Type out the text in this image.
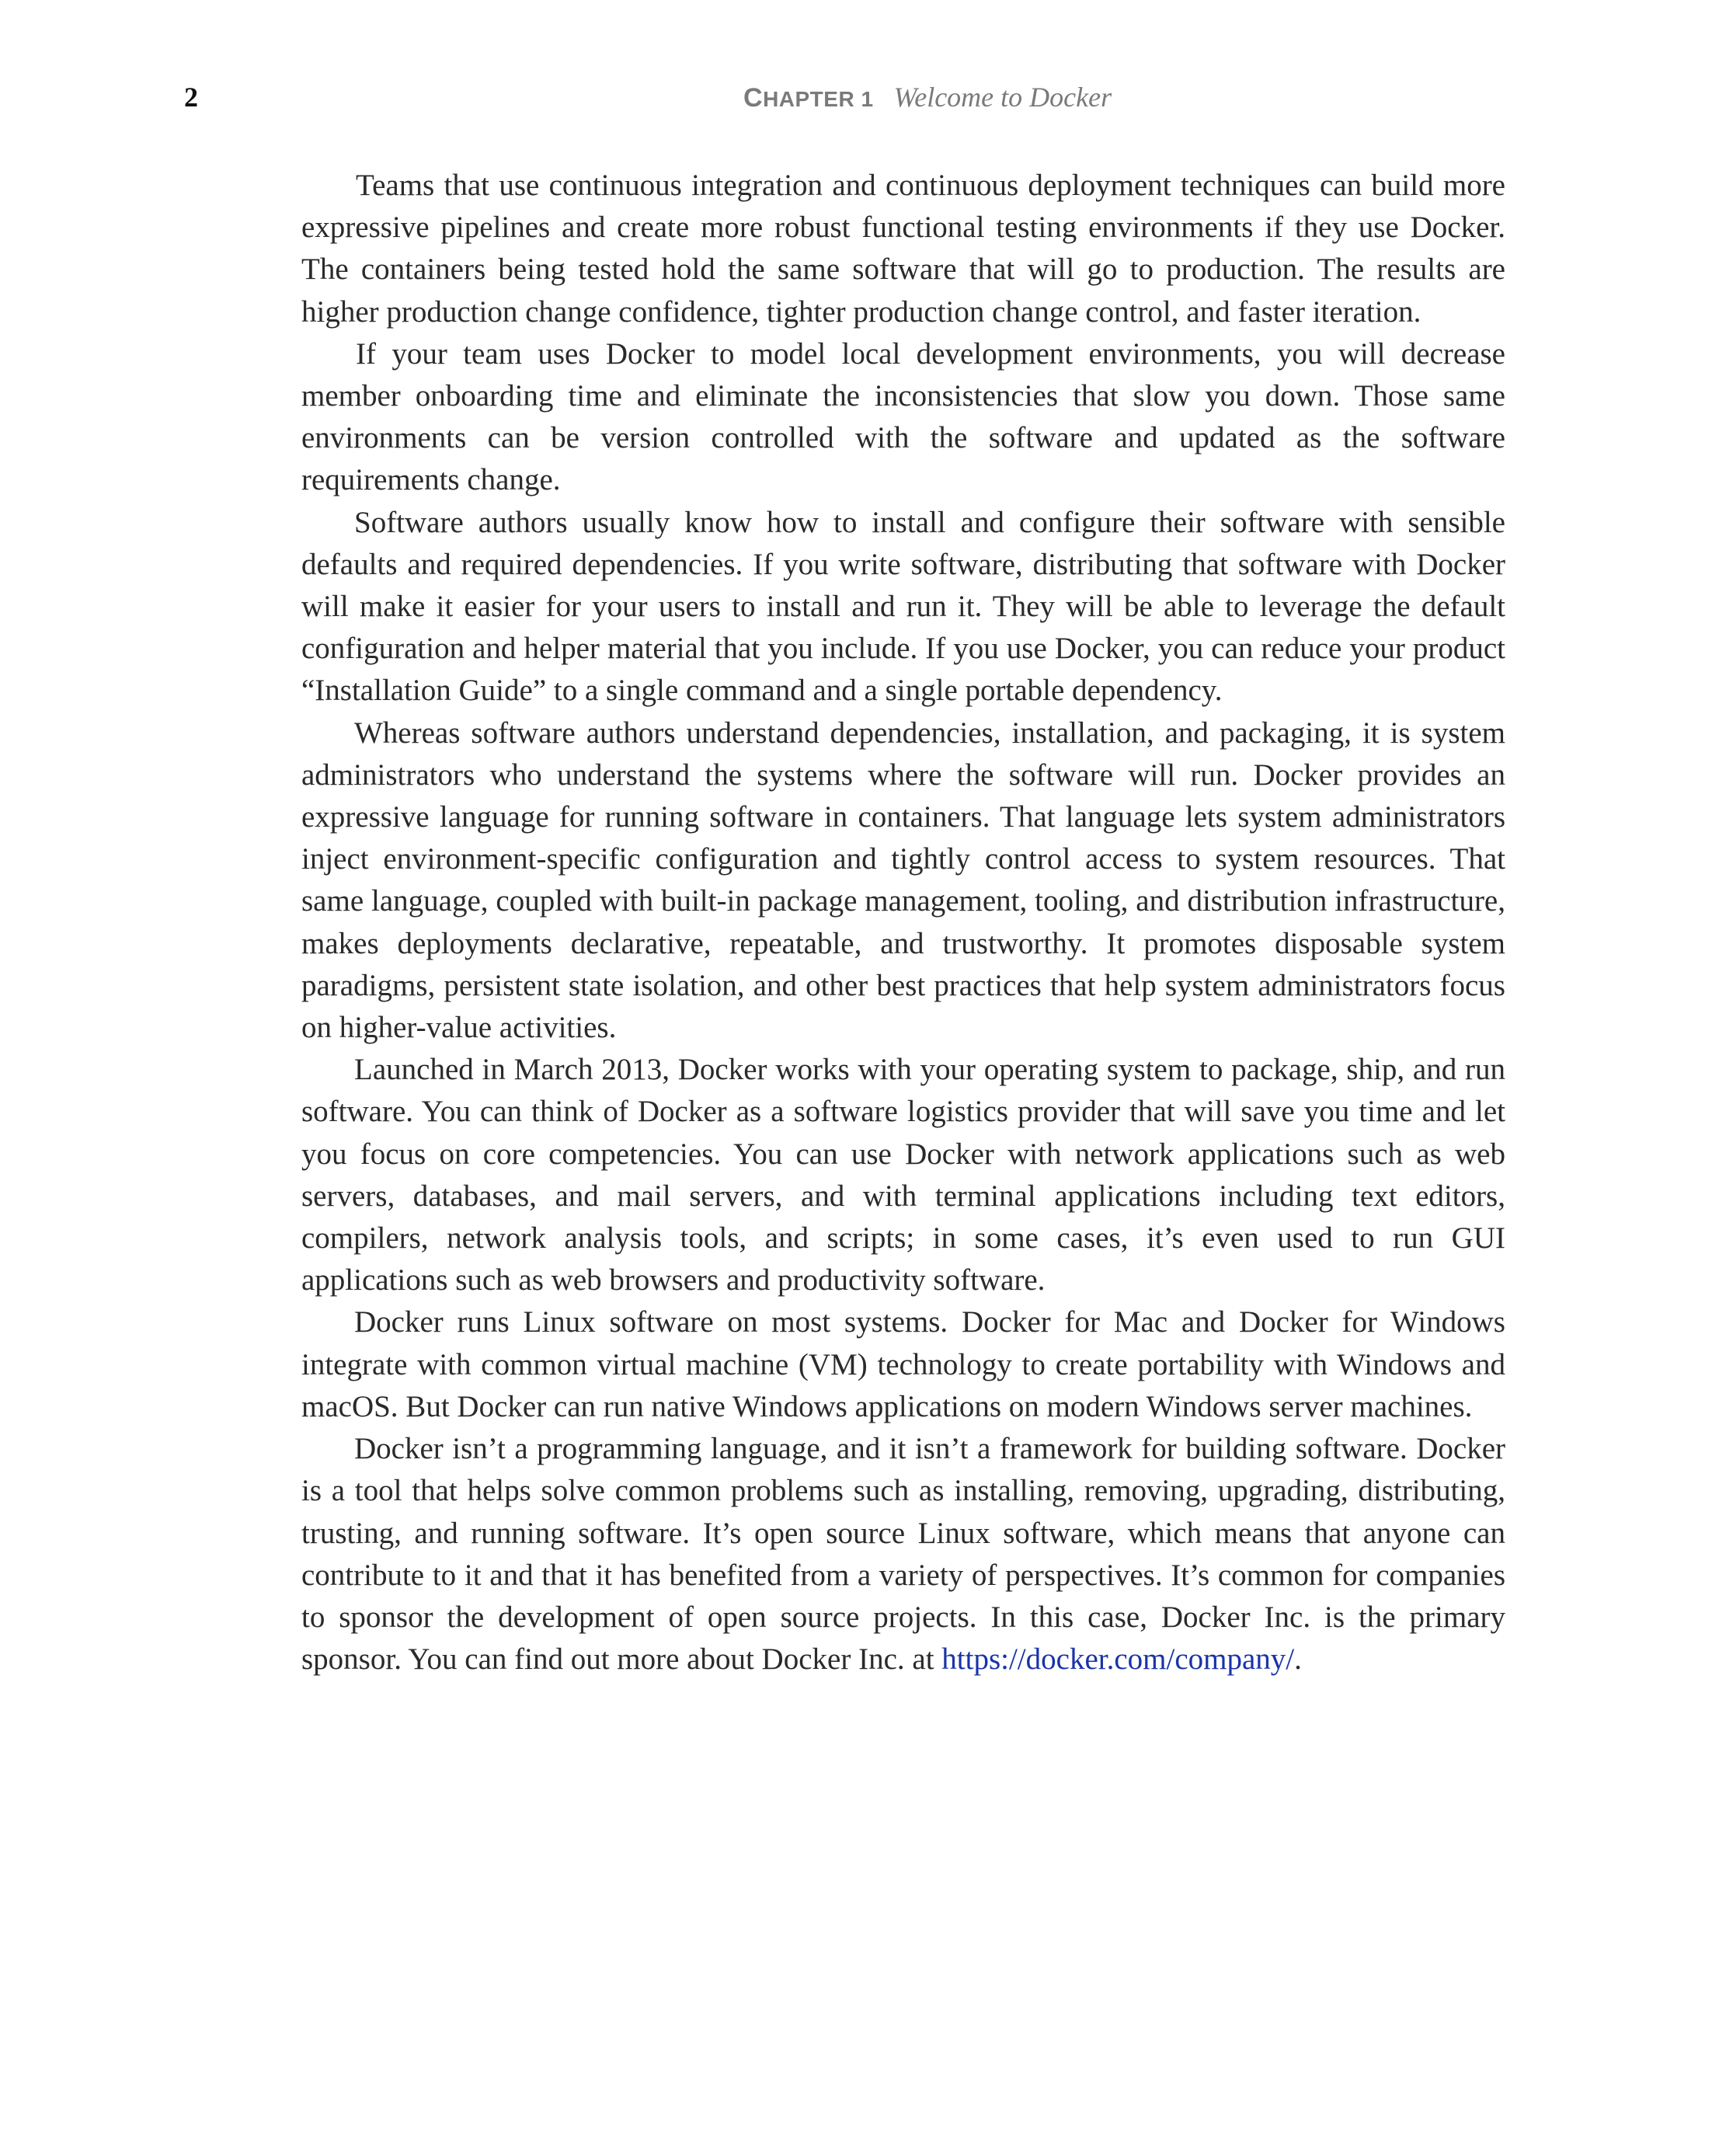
2	CHAPTER 1 Welcome to Docker

Teams that use continuous integration and continuous deployment techniques can build more expressive pipelines and create more robust functional testing environments if they use Docker. The containers being tested hold the same software that will go to production. The results are higher production change confidence, tighter production change control, and faster iteration.

If your team uses Docker to model local development environments, you will decrease member onboarding time and eliminate the inconsistencies that slow you down. Those same environments can be version controlled with the software and updated as the software requirements change.

Software authors usually know how to install and configure their software with sensible defaults and required dependencies. If you write software, distributing that software with Docker will make it easier for your users to install and run it. They will be able to leverage the default configuration and helper material that you include. If you use Docker, you can reduce your product “Installation Guide” to a single command and a single portable dependency.

Whereas software authors understand dependencies, installation, and packaging, it is system administrators who understand the systems where the software will run. Docker provides an expressive language for running software in containers. That language lets system administrators inject environment-specific configuration and tightly control access to system resources. That same language, coupled with built-in package management, tooling, and distribution infrastructure, makes deployments declarative, repeatable, and trustworthy. It promotes disposable system paradigms, persistent state isolation, and other best practices that help system administrators focus on higher-value activities.

Launched in March 2013, Docker works with your operating system to package, ship, and run software. You can think of Docker as a software logistics provider that will save you time and let you focus on core competencies. You can use Docker with network applications such as web servers, databases, and mail servers, and with terminal applications including text editors, compilers, network analysis tools, and scripts; in some cases, it’s even used to run GUI applications such as web browsers and productivity software.

Docker runs Linux software on most systems. Docker for Mac and Docker for Windows integrate with common virtual machine (VM) technology to create portability with Windows and macOS. But Docker can run native Windows applications on modern Windows server machines.

Docker isn’t a programming language, and it isn’t a framework for building software. Docker is a tool that helps solve common problems such as installing, removing, upgrading, distributing, trusting, and running software. It’s open source Linux software, which means that anyone can contribute to it and that it has benefited from a variety of perspectives. It’s common for companies to sponsor the development of open source projects. In this case, Docker Inc. is the primary sponsor. You can find out more about Docker Inc. at https://docker.com/company/.
